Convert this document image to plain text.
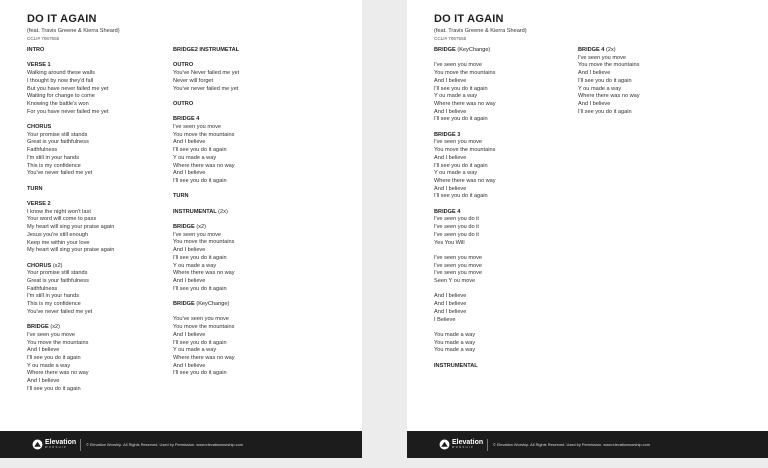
DO IT AGAIN
(feat. Travis Greene & Kierra Sheard)
CCLI# 7067555
INTRO
VERSE 1
Walking around these walls
I thought by now they'd fall
But you have never failed me yet
Waiting for change to come
Knowing the battle's won
For you have never failed me yet
CHORUS
Your promise still stands
Great is your faithfulness
Faithfulness
I'm still in your hands
This is my confidence
You've never failed me yet
TURN
VERSE 2
I know the night won't last
Your word will come to pass
My heart will sing your praise again
Jesus you're still enough
Keep me within your love
My heart will sing your praise again
CHORUS (x2)
Your promise still stands
Great is your faithfulness
Faithfulness
I'm still in your hands
This is my confidence
You've never failed me yet
BRIDGE (x2)
I've seen you move
You move the mountains
And I believe
I'll see you do it again
Y ou made a way
Where there was no way
And I believe
I'll see you do it again
BRIDGE2 INSTRUMETAL
OUTRO
You've Never failed me yet
Never will forget
You've never failed me yet
OUTRO
BRIDGE 4
I've seen you move
You move the mountains
And I believe
I'll see you do it again
Y ou made a way
Where there was no way
And I believe
I'll see you do it again
TURN
INSTRUMENTAL (2x)
BRIDGE (x2)
I've seen you move
You move the mountains
And I believe
I'll see you do it again
Y ou made a way
Where there was no way
And I believe
I'll see you do it again
BRIDGE (KeyChange)
You've seen you move
You move the mountains
And I believe
I'll see you do it again
Y ou made a way
Where there was no way
And I believe
I'll see you do it again
Elevation
WORSHIP
© Elevation Worship. All Rights Reserved. Used by Permission. www.elevationworship.com
DO IT AGAIN
(feat. Travis Greene & Kierra Sheard)
CCLI# 7067555
BRIDGE (KeyChange)
I've seen you move
You move the mountains
And I believe
I'll see you do it again
Y ou made a way
Where there was no way
And I believe
I'll see you do it again
BRIDGE 3
I've seen you move
You move the mountains
And I believe
I'll see you do it again
Y ou made a way
Where there was no way
And I believe
I'll see you do it again
BRIDGE 4
I've seen you do it
I've seen you do it
I've seen you do it
Yes You Will
I've seen you move
I've seen you move
I've seen you move
Seen Y ou move
And I believe
And I believe
And I believe
I Believe
You made a way
You made a way
You made a way
INSTRUMENTAL
BRIDGE 4 (2x)
I've seen you move
You move the mountains
And I believe
I'll see you do it again
Y ou made a way
Where there was no way
And I believe
I'll see you do it again
Elevation
WORSHIP
© Elevation Worship. All Rights Reserved. Used by Permission. www.elevationworship.com
